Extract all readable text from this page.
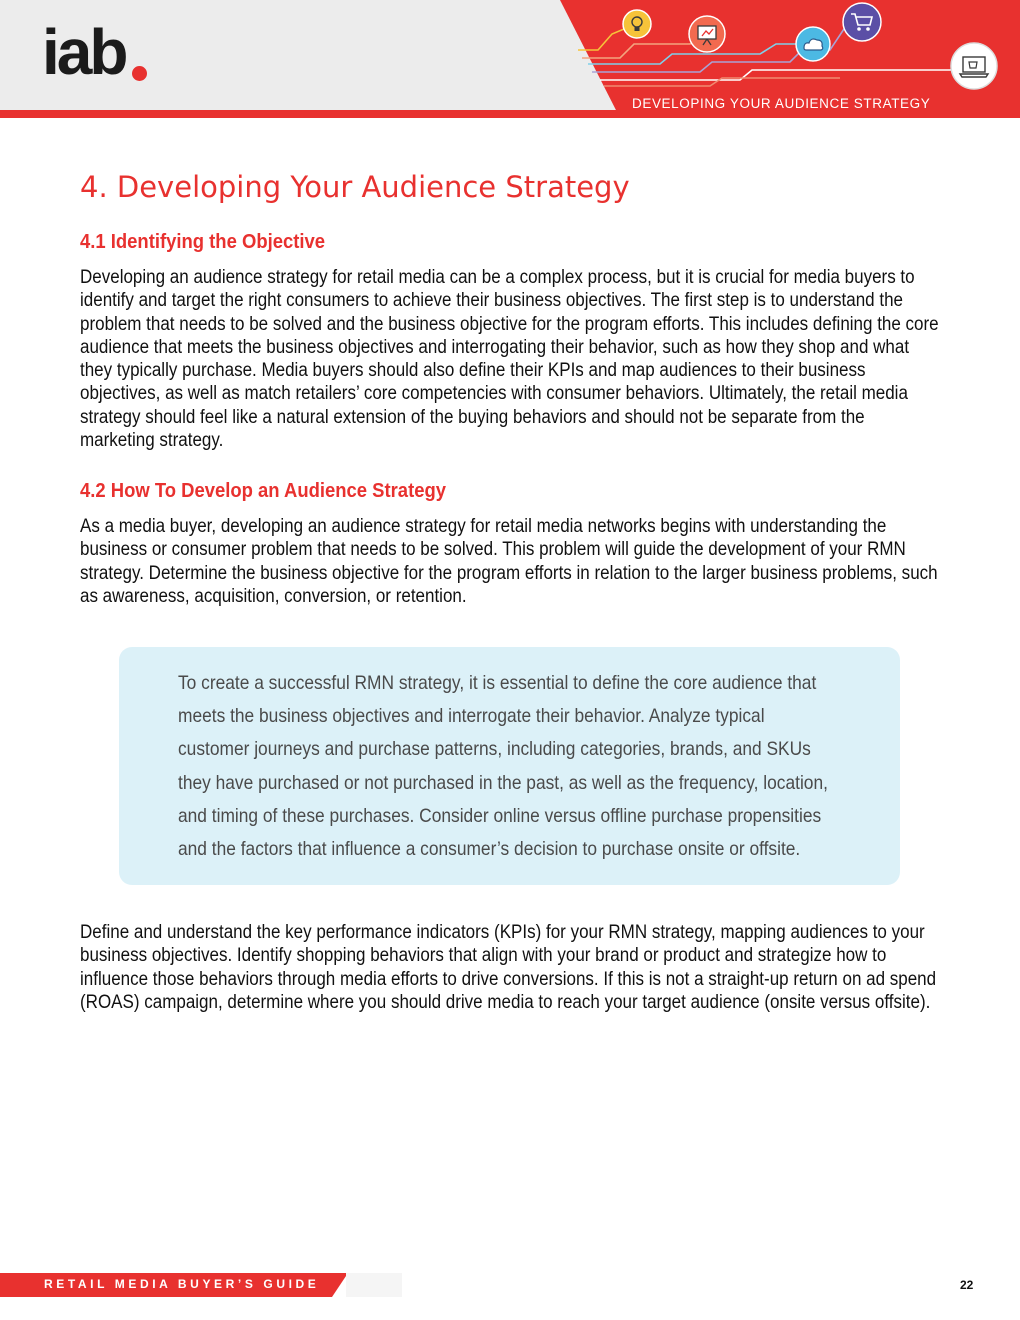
iab
DEVELOPING YOUR AUDIENCE STRATEGY
4. Developing Your Audience Strategy
4.1 Identifying the Objective

Developing an audience strategy for retail media can be a complex process, but it is crucial for media buyers to identify and target the right consumers to achieve their business objectives. The first step is to understand the problem that needs to be solved and the business objective for the program efforts. This includes defining the core audience that meets the business objectives and interrogating their behavior, such as how they shop and what they typically purchase. Media buyers should also define their KPIs and map audiences to their business objectives, as well as match retailers’ core competencies with consumer behaviors. Ultimately, the retail media strategy should feel like a natural extension of the buying behaviors and should not be separate from the marketing strategy.

4.2 How To Develop an Audience Strategy

As a media buyer, developing an audience strategy for retail media networks begins with understanding the business or consumer problem that needs to be solved. This problem will guide the development of your RMN strategy. Determine the business objective for the program efforts in relation to the larger business problems, such as awareness, acquisition, conversion, or retention.

To create a successful RMN strategy, it is essential to define the core audience that meets the business objectives and interrogate their behavior. Analyze typical customer journeys and purchase patterns, including categories, brands, and SKUs they have purchased or not purchased in the past, as well as the frequency, location, and timing of these purchases. Consider online versus offline purchase propensities and the factors that influence a consumer’s decision to purchase onsite or offsite.

Define and understand the key performance indicators (KPIs) for your RMN strategy, mapping audiences to your business objectives. Identify shopping behaviors that align with your brand or product and strategize how to influence those behaviors through media efforts to drive conversions. If this is not a straight-up return on ad spend (ROAS) campaign, determine where you should drive media to reach your target audience (onsite versus offsite).

RETAIL MEDIA BUYER’S GUIDE	22
